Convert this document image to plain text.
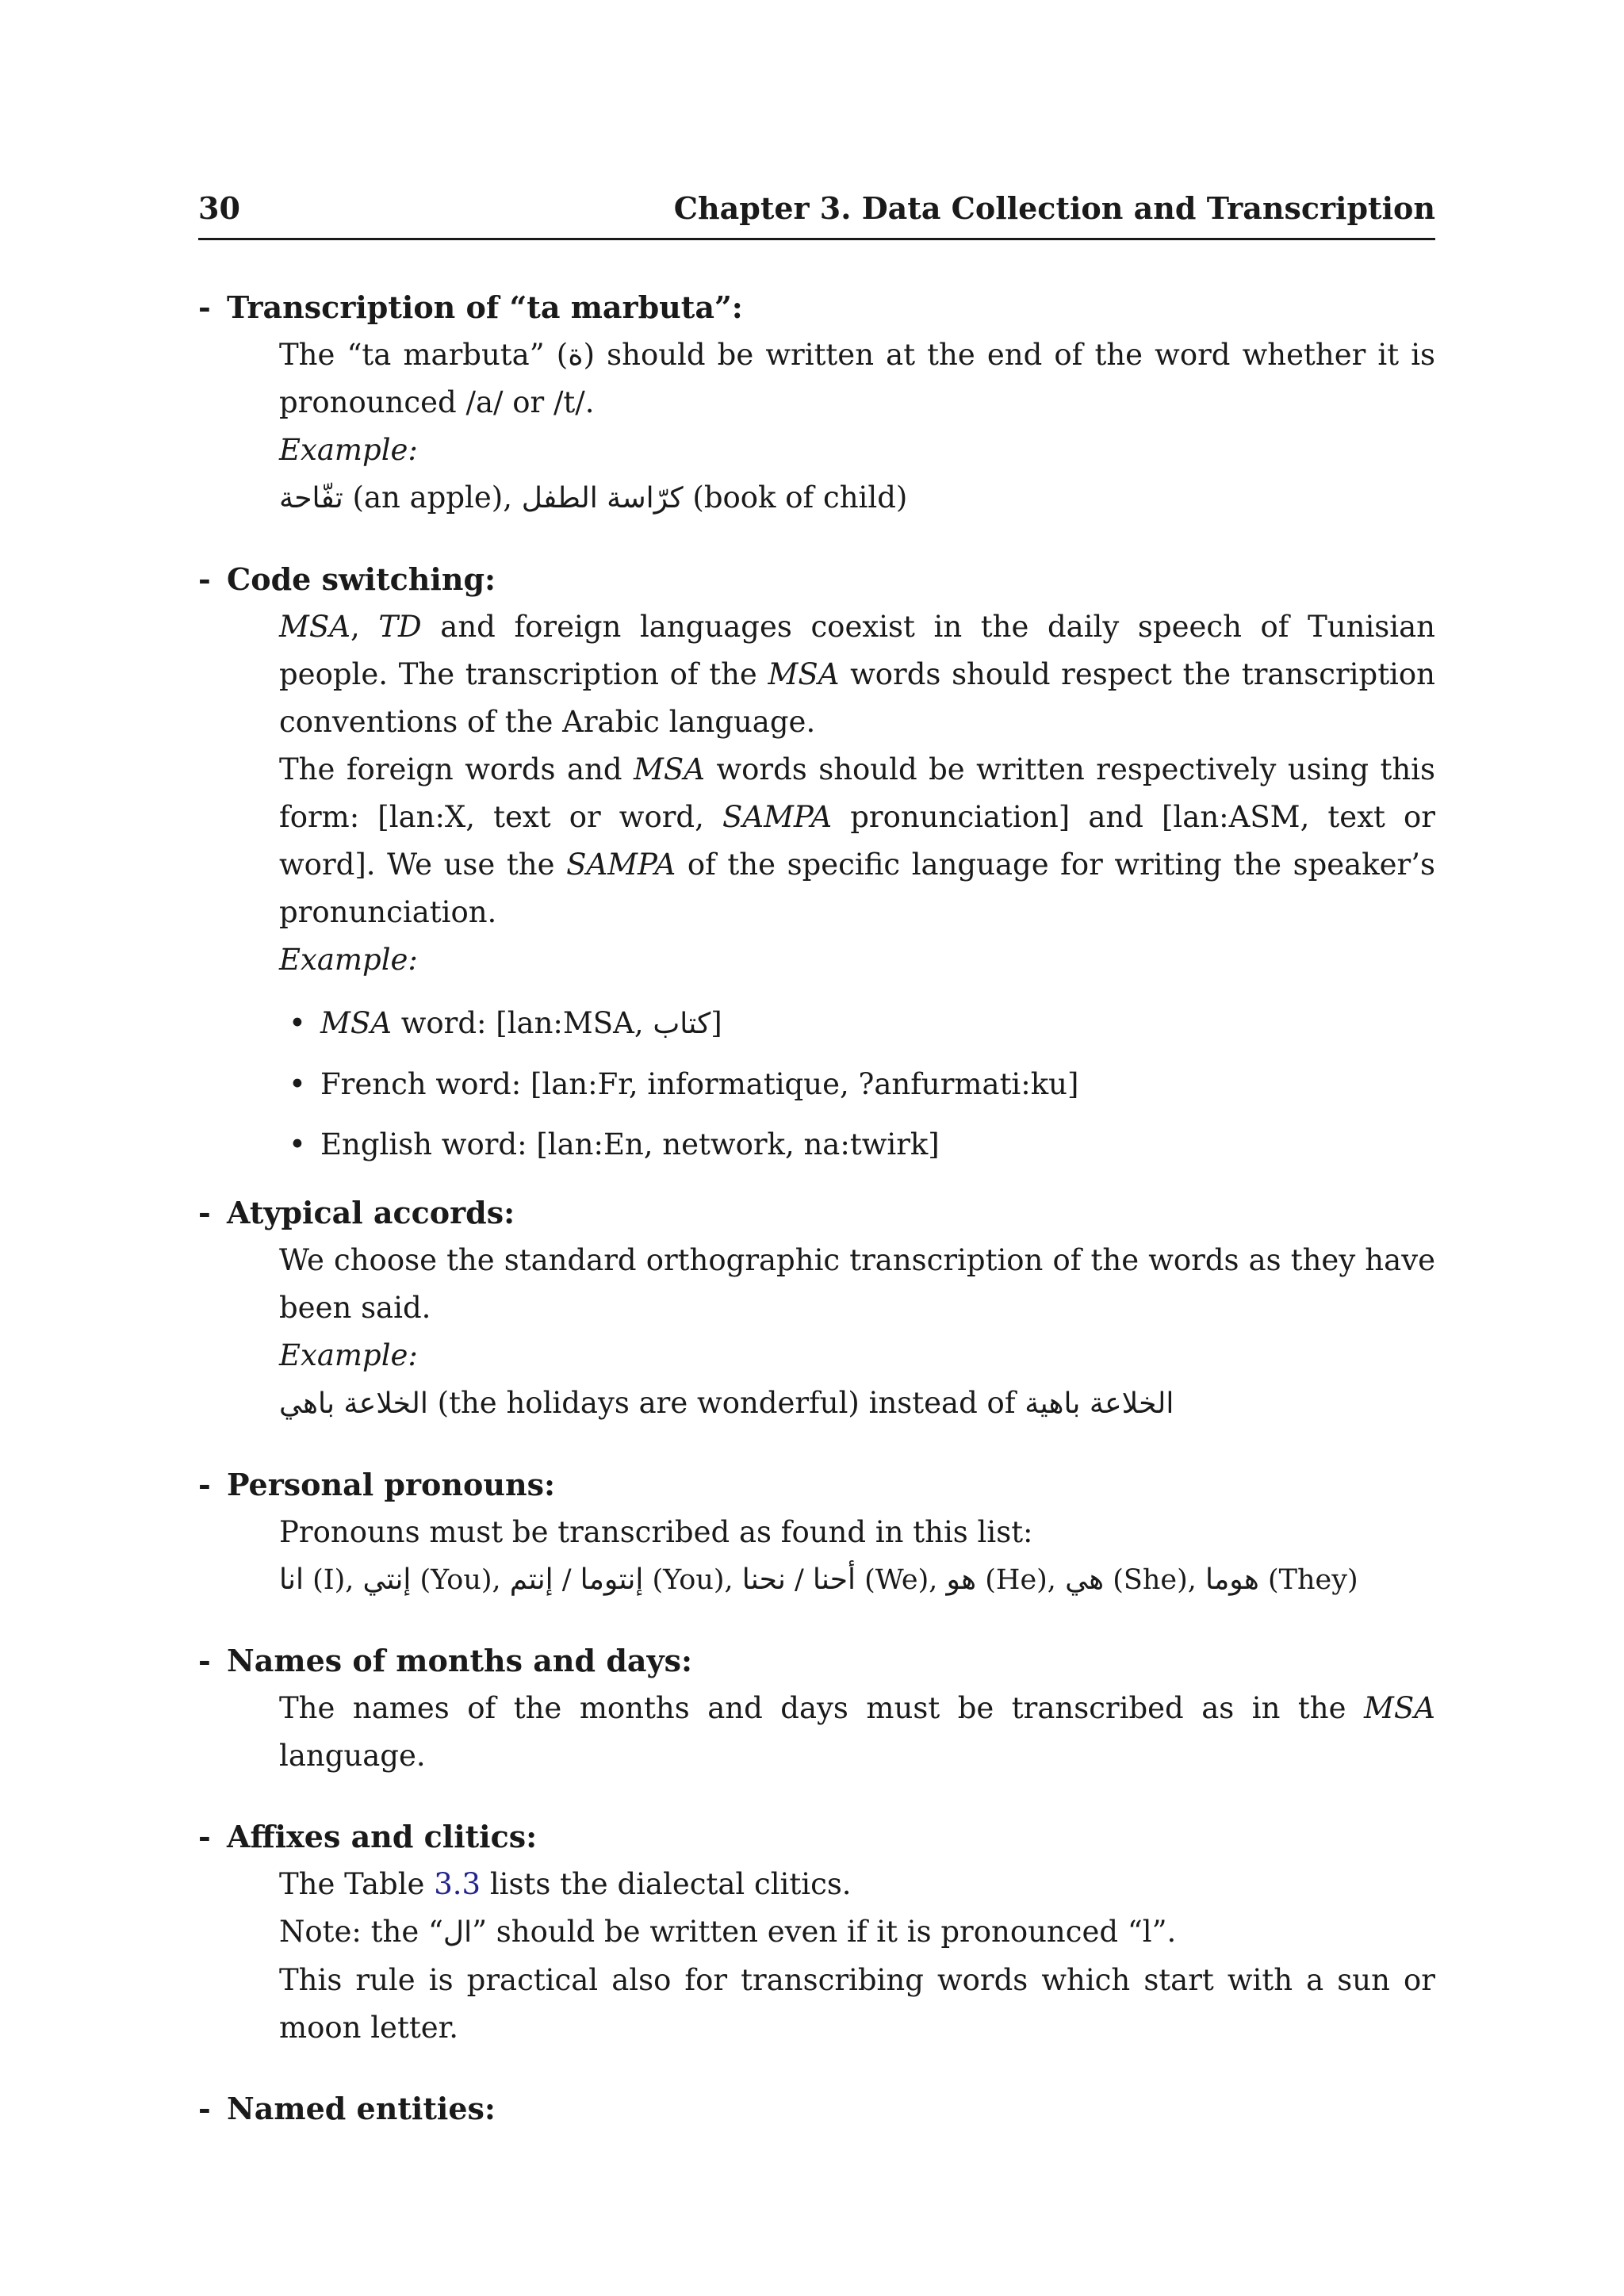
30	Chapter 3. Data Collection and Transcription
- Transcription of “ta marbuta”:

The “ta marbuta” (ة) should be written at the end of the word whether it is pronounced /a/ or /t/.

Example:

تفّاحة (an apple), كرّاسة الطفل (book of child)

- Code switching:

MSA, TD and foreign languages coexist in the daily speech of Tunisian people. The transcription of the MSA words should respect the transcription conventions of the Arabic language.

The foreign words and MSA words should be written respectively using this form: [lan:X, text or word, SAMPA pronunciation] and [lan:ASM, text or word]. We use the SAMPA of the specific language for writing the speaker’s pronunciation.

Example:

• MSA word: [lan:MSA, كتاب]
• French word: [lan:Fr, informatique, ?anfurmati:ku]
• English word: [lan:En, network, na:twirk]
- Atypical accords:

We choose the standard orthographic transcription of the words as they have been said.

Example:

الخلاعة باهي (the holidays are wonderful) instead of الخلاعة باهية

- Personal pronouns:

Pronouns must be transcribed as found in this list:

انا (I), إنتي (You), إنتم / إنتوما (You), نحنا / أحنا (We), هو (He), هي (She), هوما (They)

- Names of months and days:

The names of the months and days must be transcribed as in the MSA language.

- Affixes and clitics:

The Table 3.3 lists the dialectal clitics.

Note: the “ال” should be written even if it is pronounced “l”.

This rule is practical also for transcribing words which start with a sun or moon letter.

- Named entities:
